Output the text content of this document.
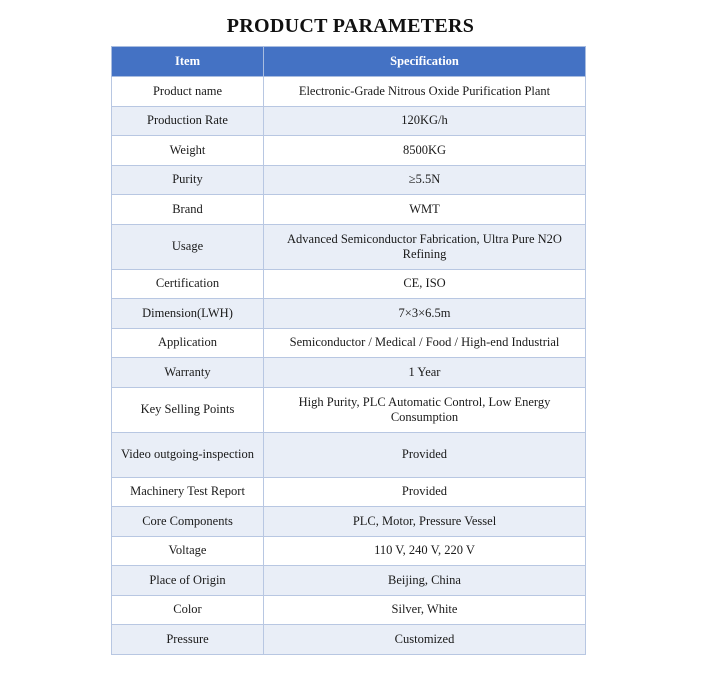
PRODUCT PARAMETERS
Item	Specification
Product name	Electronic-Grade Nitrous Oxide Purification Plant
Production Rate	120KG/h
Weight	8500KG
Purity	≥5.5N
Brand	WMT
Usage	Advanced Semiconductor Fabrication, Ultra Pure N2O Refining
Certification	CE, ISO
Dimension(LWH)	7×3×6.5m
Application	Semiconductor / Medical / Food / High-end Industrial
Warranty	1 Year
Key Selling Points	High Purity, PLC Automatic Control, Low Energy Consumption
Video outgoing-inspection	Provided
Machinery Test Report	Provided
Core Components	PLC, Motor, Pressure Vessel
Voltage	110 V, 240 V, 220 V
Place of Origin	Beijing, China
Color	Silver, White
Pressure	Customized
